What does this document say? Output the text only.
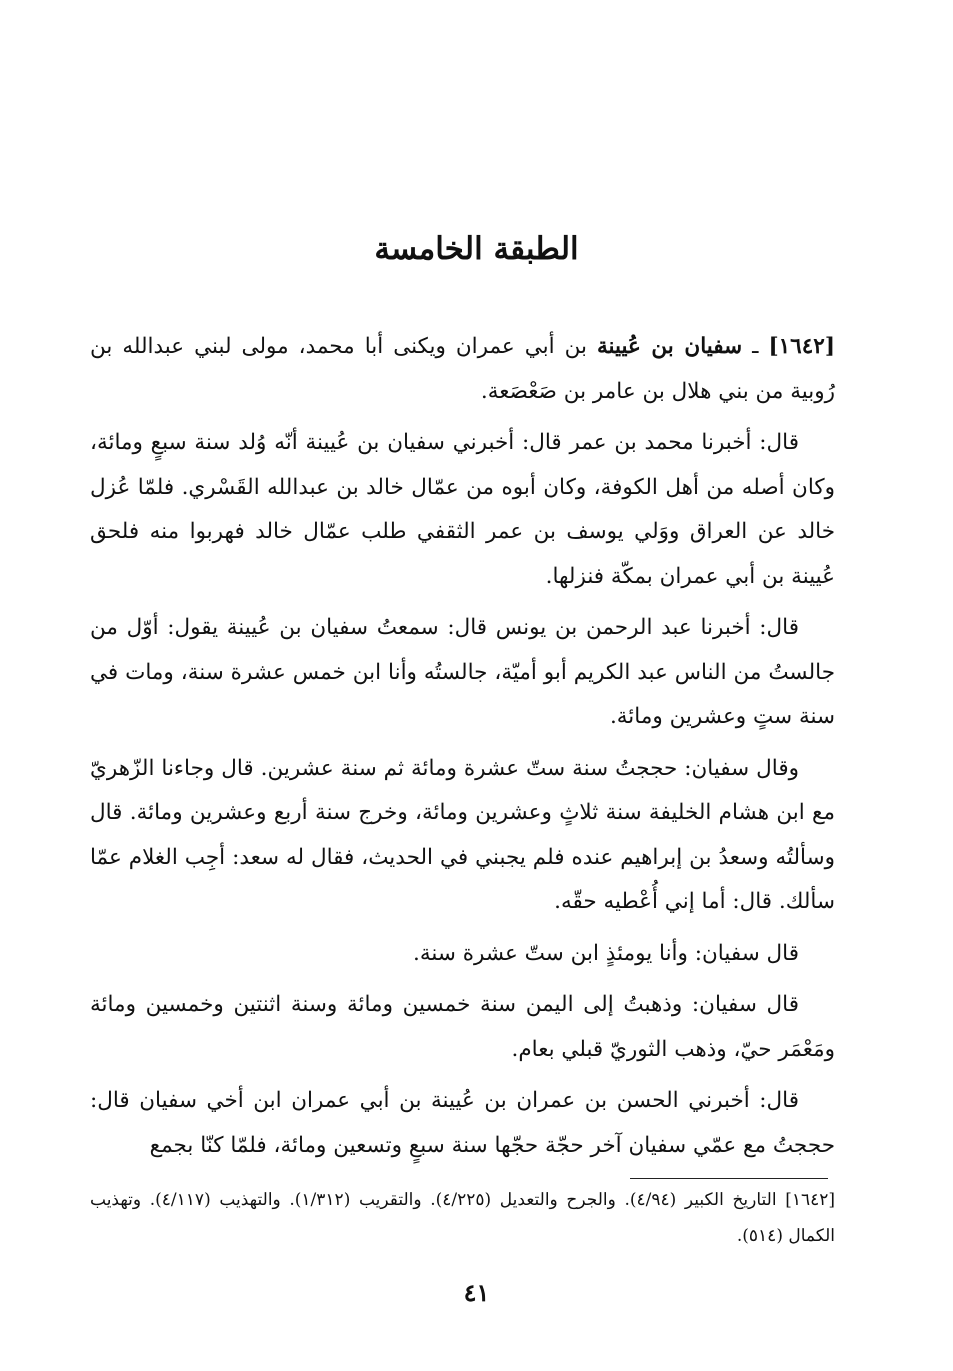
الطبقة الخامسة

[١٦٤٢] ـ سفيان بن عُيينة بن أبي عمران ويكنى أبا محمد، مولى لبني عبدالله بن رُوبية من بني هلال بن عامر بن صَعْصَعة.

قال: أخبرنا محمد بن عمر قال: أخبرني سفيان بن عُيينة أنّه وُلد سنة سبعٍ ومائة، وكان أصله من أهل الكوفة، وكان أبوه من عمّال خالد بن عبدالله القَسْري. فلمّا عُزل خالد عن العراق ووَلي يوسف بن عمر الثقفي طلب عمّال خالد فهربوا منه فلحق عُيينة بن أبي عمران بمكّة فنزلها.

قال: أخبرنا عبد الرحمن بن يونس قال: سمعتُ سفيان بن عُيينة يقول: أوّل من جالستُ من الناس عبد الكريم أبو أميّة، جالستُه وأنا ابن خمس عشرة سنة، ومات في سنة ستٍ وعشرين ومائة.

وقال سفيان: حججتُ سنة ستّ عشرة ومائة ثم سنة عشرين. قال وجاءنا الزّهريّ مع ابن هشام الخليفة سنة ثلاثٍ وعشرين ومائة، وخرج سنة أربع وعشرين ومائة. قال وسألتُه وسعدُ بن إبراهيم عنده فلم يجبني في الحديث، فقال له سعد: أجِب الغلام عمّا سألك. قال: أما إني أُعْطيه حقّه.

قال سفيان: وأنا يومئذٍ ابن ستّ عشرة سنة.

قال سفيان: وذهبتُ إلى اليمن سنة خمسين ومائة وسنة اثنتين وخمسين ومائة ومَعْمَر حيّ، وذهب الثوريّ قبلي بعام.

قال: أخبرني الحسن بن عمران بن عُيينة بن أبي عمران ابن أخي سفيان قال: حججتُ مع عمّي سفيان آخر حجّة حجّها سنة سبعٍ وتسعين ومائة، فلمّا كنّا بجمع

[١٦٤٢] التاريخ الكبير (٤/٩٤). والجرح والتعديل (٤/٢٢٥). والتقريب (١/٣١٢). والتهذيب (٤/١١٧). وتهذيب الكمال (٥١٤).

٤١
